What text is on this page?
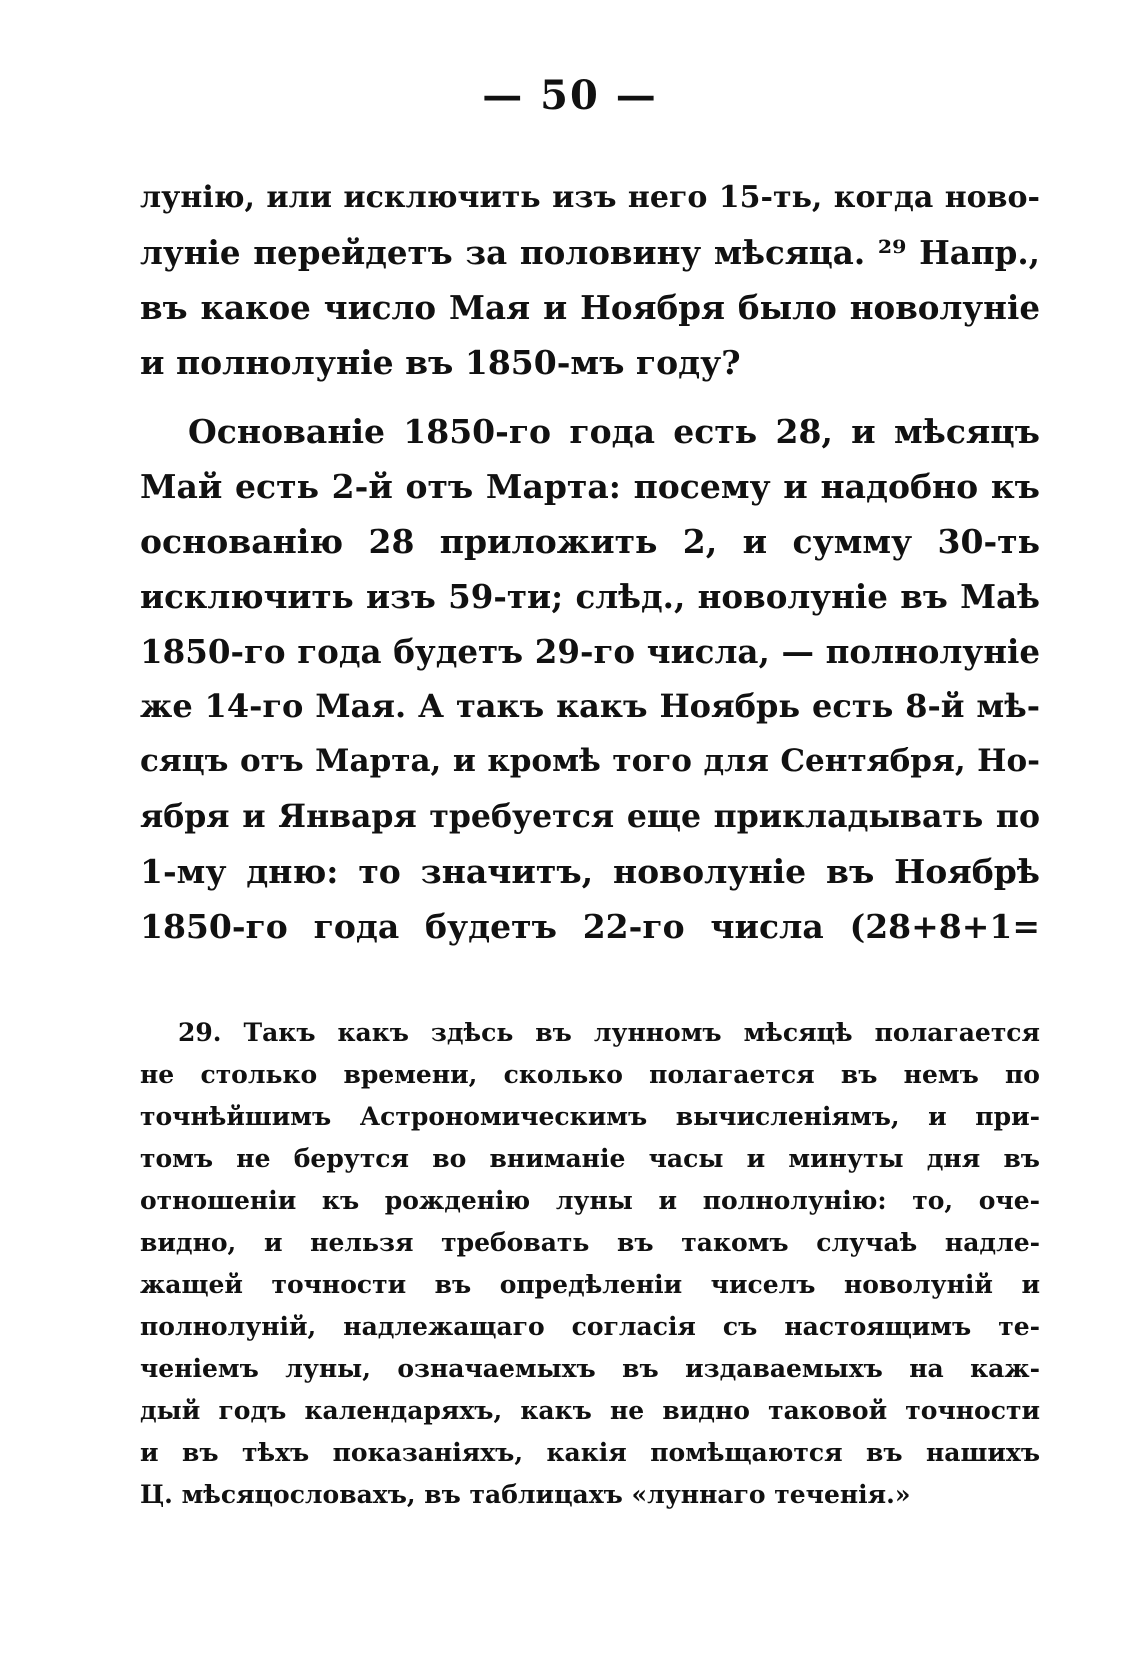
— 50 —
лунію, или исключить изъ него 15-ть, когда ново-
луніе перейдетъ за половину мѣсяца. ²⁹ Напр.,
въ какое число Мая и Ноября было новолуніе
и полнолуніе въ 1850-мъ году?
Основаніе 1850-го года есть 28, и мѣсяцъ
Май есть 2-й отъ Марта: посему и надобно къ
основанію 28 приложить 2, и сумму 30-ть
исключить изъ 59-ти; слѣд., новолуніе въ Маѣ
1850-го года будетъ 29-го числа, — полнолуніе
же 14-го Мая. А такъ какъ Ноябрь есть 8-й мѣ-
сяцъ отъ Марта, и кромѣ того для Сентября, Но-
ября и Января требуется еще прикладывать по
1-му дню: то значитъ, новолуніе въ Ноябрѣ
1850-го года будетъ 22-го числа (28+8+1=
29. Такъ какъ здѣсь въ лунномъ мѣсяцѣ полагается
не столько времени, сколько полагается въ немъ по
точнѣйшимъ Астрономическимъ вычисленіямъ, и при-
томъ не берутся во вниманіе часы и минуты дня въ
отношеніи къ рожденію луны и полнолунію: то, оче-
видно, и нельзя требовать въ такомъ случаѣ надле-
жащей точности въ опредѣленіи чиселъ новолуній и
полнолуній, надлежащаго согласія съ настоящимъ те-
ченіемъ луны, означаемыхъ въ издаваемыхъ на каж-
дый годъ календаряхъ, какъ не видно таковой точности
и въ тѣхъ показаніяхъ, какія помѣщаются въ нашихъ
Ц. мѣсяцословахъ, въ таблицахъ «луннаго теченія.»
